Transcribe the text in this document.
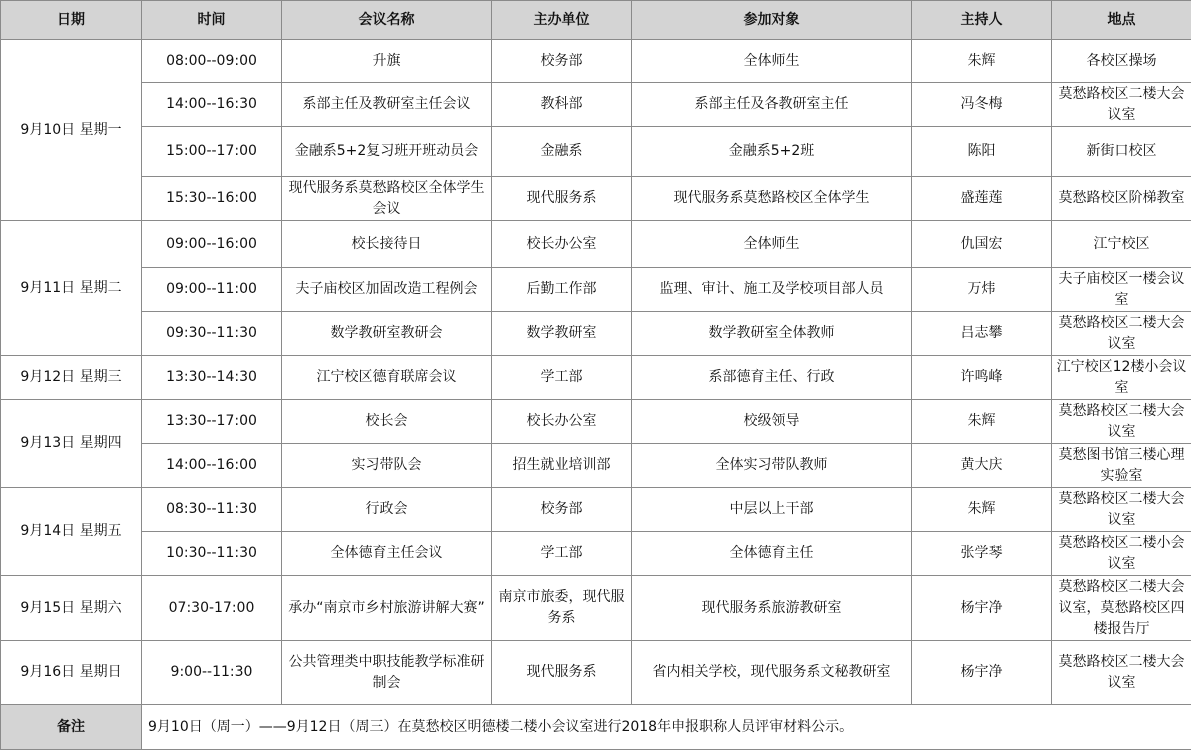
日期	时间	会议名称	主办单位	参加对象	主持人	地点
9月10日 星期一	08:00--09:00	升旗	校务部	全体师生	朱辉	各校区操场
	14:00--16:30	系部主任及教研室主任会议	教科部	系部主任及各教研室主任	冯冬梅	莫愁路校区二楼大会议室
	15:00--17:00	金融系5+2复习班开班动员会	金融系	金融系5+2班	陈阳	新街口校区
	15:30--16:00	现代服务系莫愁路校区全体学生会议	现代服务系	现代服务系莫愁路校区全体学生	盛莲莲	莫愁路校区阶梯教室
9月11日 星期二	09:00--16:00	校长接待日	校长办公室	全体师生	仇国宏	江宁校区
	09:00--11:00	夫子庙校区加固改造工程例会	后勤工作部	监理、审计、施工及学校项目部人员	万炜	夫子庙校区一楼会议室
	09:30--11:30	数学教研室教研会	数学教研室	数学教研室全体教师	吕志攀	莫愁路校区二楼大会议室
9月12日 星期三	13:30--14:30	江宁校区德育联席会议	学工部	系部德育主任、行政	许鸣峰	江宁校区12楼小会议室
9月13日 星期四	13:30--17:00	校长会	校长办公室	校级领导	朱辉	莫愁路校区二楼大会议室
	14:00--16:00	实习带队会	招生就业培训部	全体实习带队教师	黄大庆	莫愁图书馆三楼心理实验室
9月14日 星期五	08:30--11:30	行政会	校务部	中层以上干部	朱辉	莫愁路校区二楼大会议室
	10:30--11:30	全体德育主任会议	学工部	全体德育主任	张学琴	莫愁路校区二楼小会议室
9月15日 星期六	07:30-17:00	承办“南京市乡村旅游讲解大赛”	南京市旅委，现代服务系	现代服务系旅游教研室	杨宇净	莫愁路校区二楼大会议室，莫愁路校区四楼报告厅
9月16日 星期日	9:00--11:30	公共管理类中职技能教学标准研制会	现代服务系	省内相关学校，现代服务系文秘教研室	杨宇净	莫愁路校区二楼大会议室
备注	9月10日（周一）——9月12日（周三）在莫愁校区明德楼二楼小会议室进行2018年申报职称人员评审材料公示。					
